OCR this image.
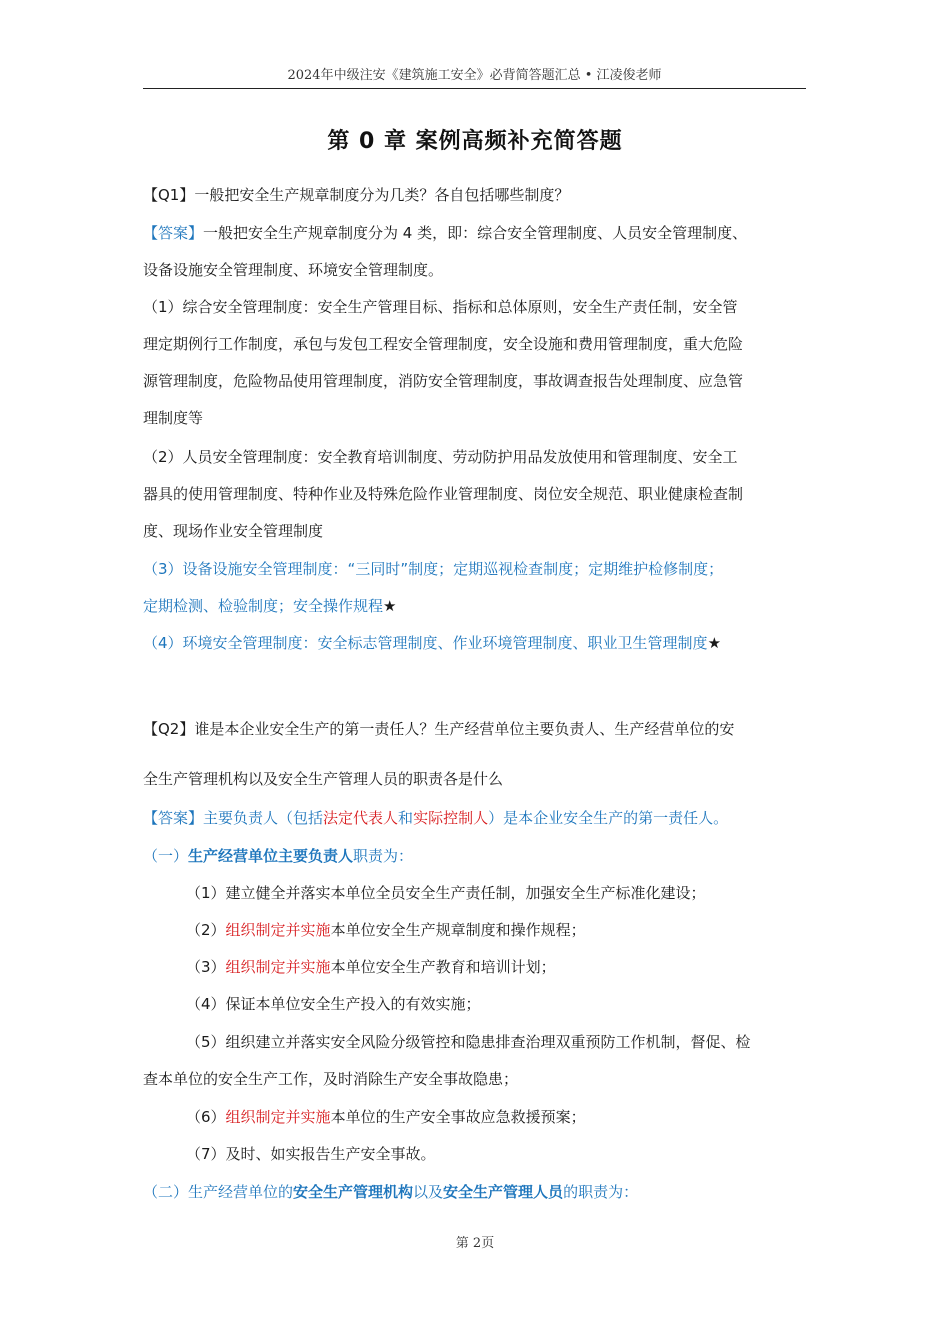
2024年中级注安《建筑施工安全》必背简答题汇总 • 江凌俊老师
第 0 章 案例高频补充简答题
【Q1】一般把安全生产规章制度分为几类？各自包括哪些制度？
【答案】一般把安全生产规章制度分为 4 类，即：综合安全管理制度、人员安全管理制度、
设备设施安全管理制度、环境安全管理制度。
（1）综合安全管理制度：安全生产管理目标、指标和总体原则，安全生产责任制，安全管
理定期例行工作制度，承包与发包工程安全管理制度，安全设施和费用管理制度，重大危险
源管理制度，危险物品使用管理制度，消防安全管理制度，事故调查报告处理制度、应急管
理制度等
（2）人员安全管理制度：安全教育培训制度、劳动防护用品发放使用和管理制度、安全工
器具的使用管理制度、特种作业及特殊危险作业管理制度、岗位安全规范、职业健康检查制
度、现场作业安全管理制度
（3）设备设施安全管理制度：“三同时”制度；定期巡视检查制度；定期维护检修制度；
定期检测、检验制度；安全操作规程★
（4）环境安全管理制度：安全标志管理制度、作业环境管理制度、职业卫生管理制度★
【Q2】谁是本企业安全生产的第一责任人？生产经营单位主要负责人、生产经营单位的安
全生产管理机构以及安全生产管理人员的职责各是什么
【答案】主要负责人（包括法定代表人和实际控制人）是本企业安全生产的第一责任人。
（一）生产经营单位主要负责人职责为：
（1）建立健全并落实本单位全员安全生产责任制，加强安全生产标准化建设；
（2）组织制定并实施本单位安全生产规章制度和操作规程；
（3）组织制定并实施本单位安全生产教育和培训计划；
（4）保证本单位安全生产投入的有效实施；
（5）组织建立并落实安全风险分级管控和隐患排查治理双重预防工作机制，督促、检
查本单位的安全生产工作，及时消除生产安全事故隐患；
（6）组织制定并实施本单位的生产安全事故应急救援预案；
（7）及时、如实报告生产安全事故。
（二）生产经营单位的安全生产管理机构以及安全生产管理人员的职责为：
第 2页
